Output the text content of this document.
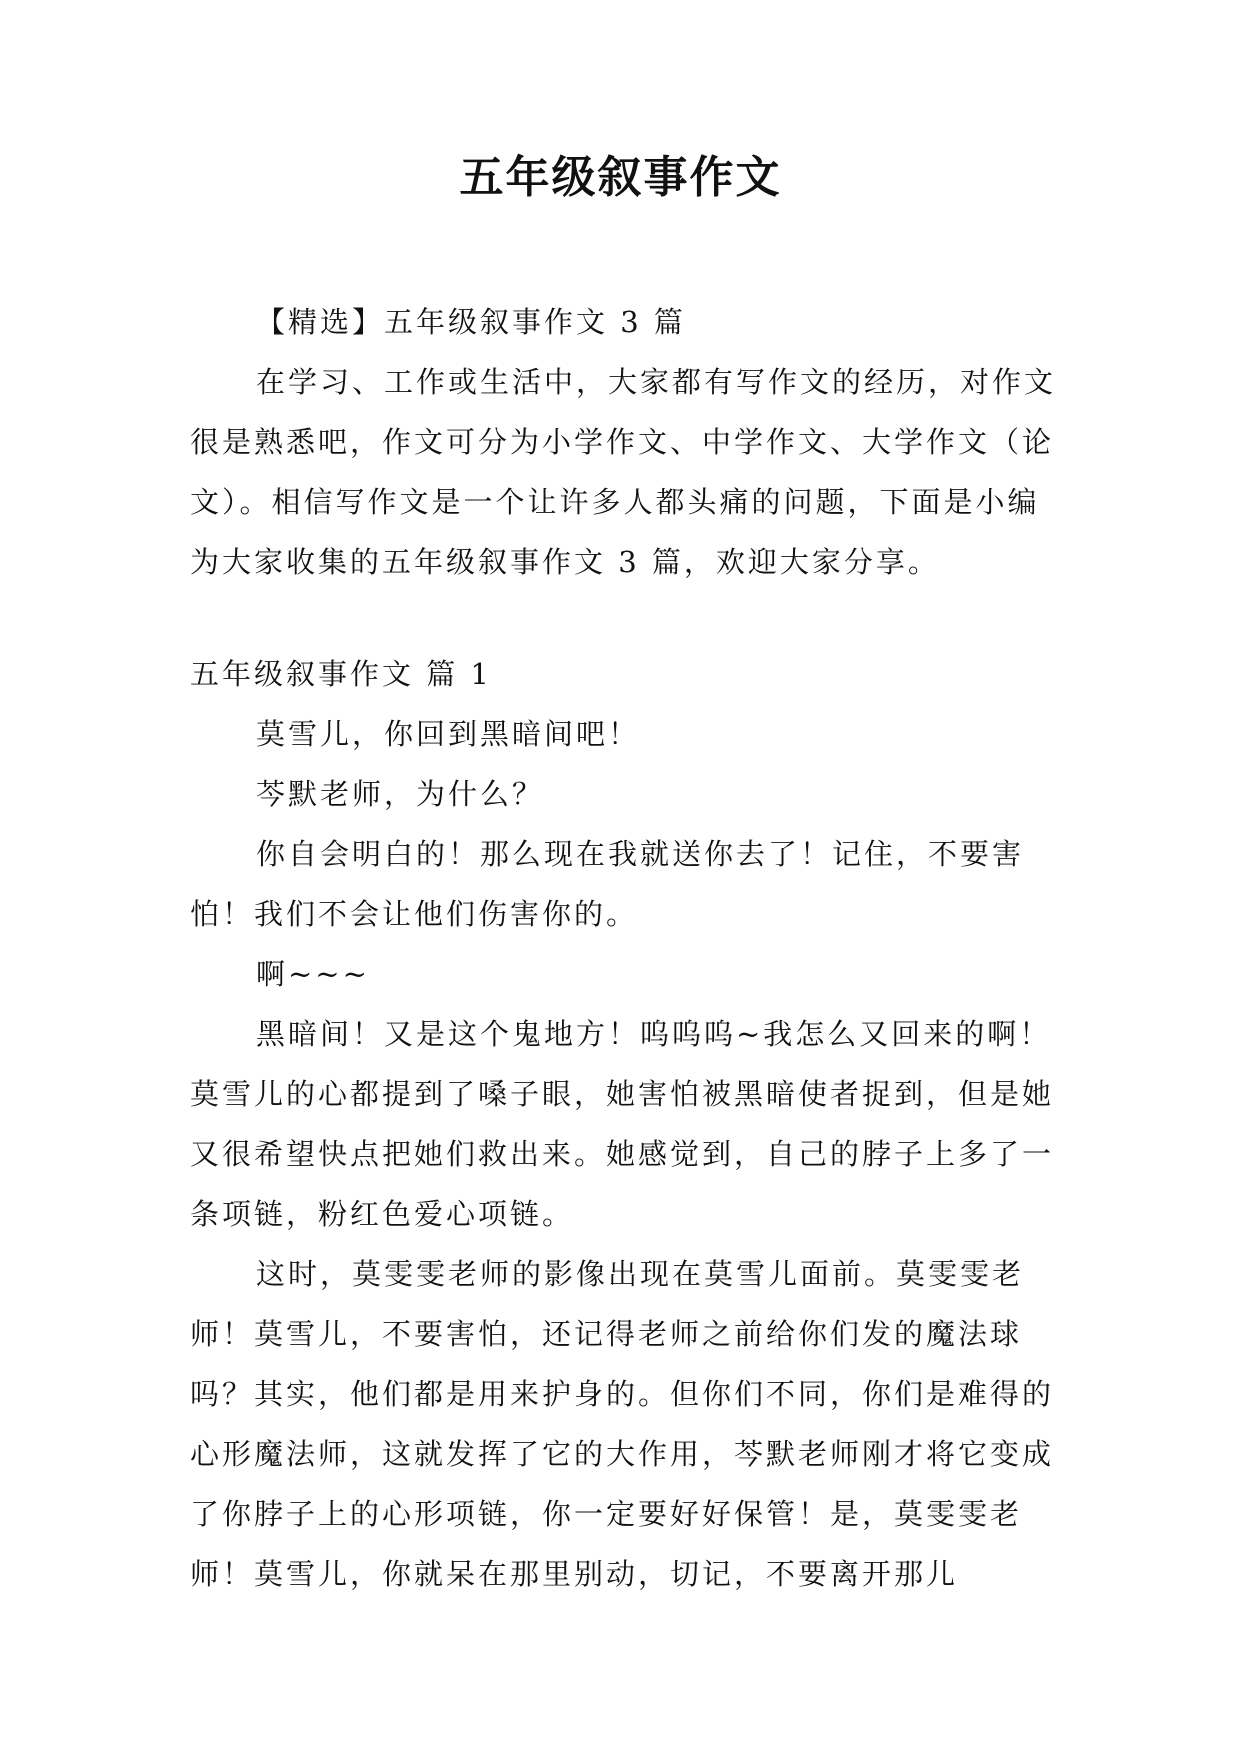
五年级叙事作文

【精选】五年级叙事作文 3 篇

在学习、工作或生活中，大家都有写作文的经历，对作文很是熟悉吧，作文可分为小学作文、中学作文、大学作文（论文）。相信写作文是一个让许多人都头痛的问题，下面是小编为大家收集的五年级叙事作文 3 篇，欢迎大家分享。

五年级叙事作文 篇 1

莫雪儿，你回到黑暗间吧！

芩默老师，为什么？

你自会明白的！那么现在我就送你去了！记住，不要害怕！我们不会让他们伤害你的。

啊~~~

黑暗间！又是这个鬼地方！呜呜呜~我怎么又回来的啊！莫雪儿的心都提到了嗓子眼，她害怕被黑暗使者捉到，但是她又很希望快点把她们救出来。她感觉到，自己的脖子上多了一条项链，粉红色爱心项链。

这时，莫雯雯老师的影像出现在莫雪儿面前。莫雯雯老师！莫雪儿，不要害怕，还记得老师之前给你们发的魔法球吗？其实，他们都是用来护身的。但你们不同，你们是难得的心形魔法师，这就发挥了它的大作用，芩默老师刚才将它变成了你脖子上的心形项链，你一定要好好保管！是，莫雯雯老师！莫雪儿，你就呆在那里别动，切记，不要离开那儿
